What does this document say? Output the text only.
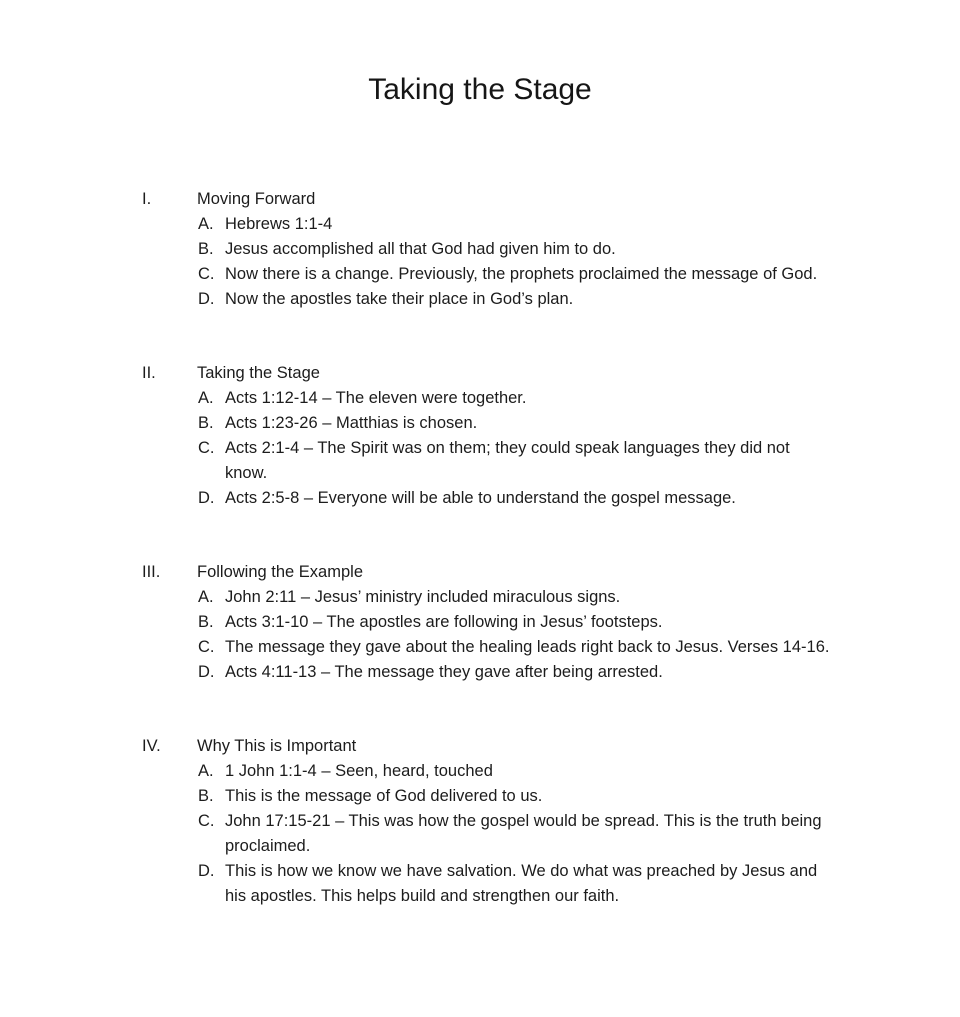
Taking the Stage
I.	Moving Forward
A. Hebrews 1:1-4
B. Jesus accomplished all that God had given him to do.
C. Now there is a change. Previously, the prophets proclaimed the message of God.
D. Now the apostles take their place in God’s plan.
II. Taking the Stage
A. Acts 1:12-14 – The eleven were together.
B. Acts 1:23-26 – Matthias is chosen.
C. Acts 2:1-4 – The Spirit was on them; they could speak languages they did not
know.
D. Acts 2:5-8 – Everyone will be able to understand the gospel message.
III. Following the Example
A. John 2:11 – Jesus’ ministry included miraculous signs.
B. Acts 3:1-10 – The apostles are following in Jesus’ footsteps.
C. The message they gave about the healing leads right back to Jesus. Verses 14-16.
D. Acts 4:11-13 – The message they gave after being arrested.
IV. Why This is Important
A. 1 John 1:1-4 – Seen, heard, touched
B. This is the message of God delivered to us.
C. John 17:15-21 – This was how the gospel would be spread. This is the truth being
proclaimed.
D. This is how we know we have salvation. We do what was preached by Jesus and
his apostles. This helps build and strengthen our faith.
